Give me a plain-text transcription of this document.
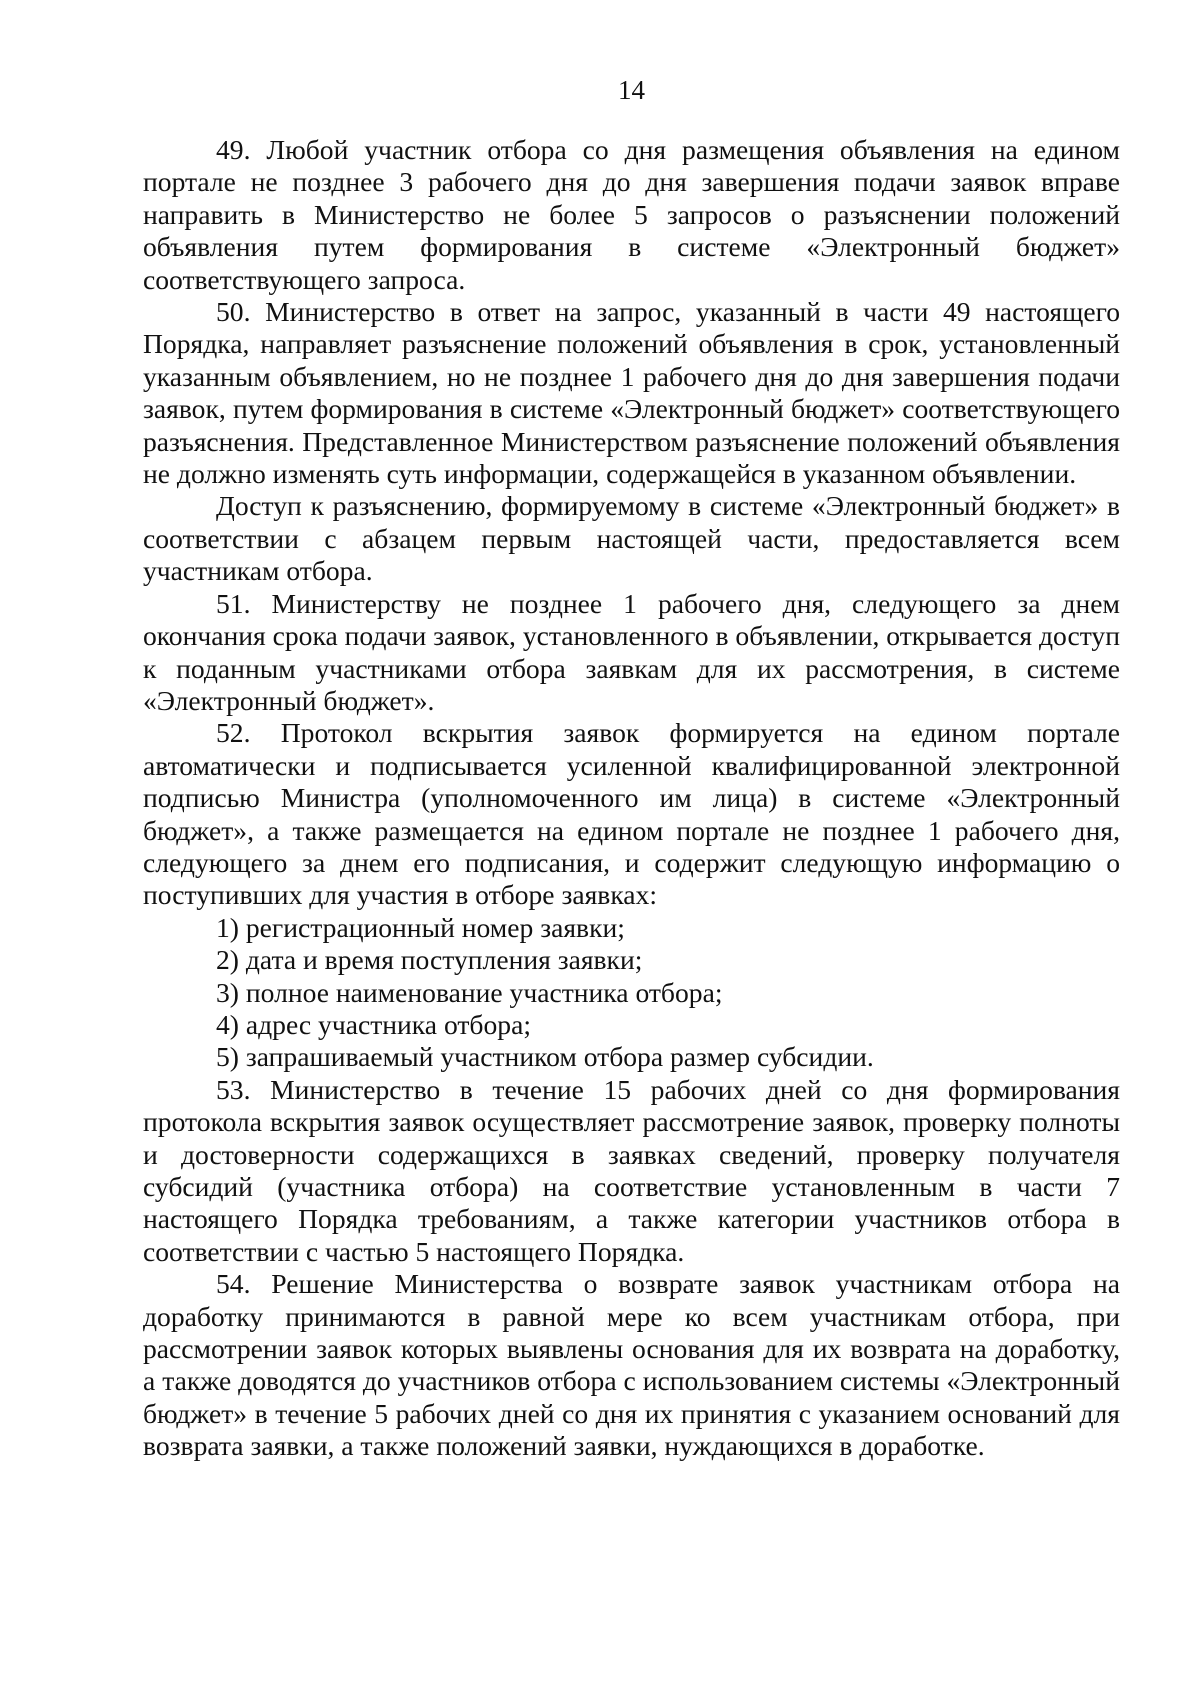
14

49. Любой участник отбора со дня размещения объявления на едином портале не позднее 3 рабочего дня до дня завершения подачи заявок вправе направить в Министерство не более 5 запросов о разъяснении положений объявления путем формирования в системе «Электронный бюджет» соответствующего запроса.

50. Министерство в ответ на запрос, указанный в части 49 настоящего Порядка, направляет разъяснение положений объявления в срок, установленный указанным объявлением, но не позднее 1 рабочего дня до дня завершения подачи заявок, путем формирования в системе «Электронный бюджет» соответствующего разъяснения. Представленное Министерством разъяснение положений объявления не должно изменять суть информации, содержащейся в указанном объявлении.

Доступ к разъяснению, формируемому в системе «Электронный бюджет» в соответствии с абзацем первым настоящей части, предоставляется всем участникам отбора.

51. Министерству не позднее 1 рабочего дня, следующего за днем окончания срока подачи заявок, установленного в объявлении, открывается доступ к поданным участниками отбора заявкам для их рассмотрения, в системе «Электронный бюджет».

52. Протокол вскрытия заявок формируется на едином портале автоматически и подписывается усиленной квалифицированной электронной подписью Министра (уполномоченного им лица) в системе «Электронный бюджет», а также размещается на едином портале не позднее 1 рабочего дня, следующего за днем его подписания, и содержит следующую информацию о поступивших для участия в отборе заявках:

1) регистрационный номер заявки;

2) дата и время поступления заявки;

3) полное наименование участника отбора;

4) адрес участника отбора;

5) запрашиваемый участником отбора размер субсидии.

53. Министерство в течение 15 рабочих дней со дня формирования протокола вскрытия заявок осуществляет рассмотрение заявок, проверку полноты и достоверности содержащихся в заявках сведений, проверку получателя субсидий (участника отбора) на соответствие установленным в части 7 настоящего Порядка требованиям, а также категории участников отбора в соответствии с частью 5 настоящего Порядка.

54. Решение Министерства о возврате заявок участникам отбора на доработку принимаются в равной мере ко всем участникам отбора, при рассмотрении заявок которых выявлены основания для их возврата на доработку, а также доводятся до участников отбора с использованием системы «Электронный бюджет» в течение 5 рабочих дней со дня их принятия с указанием оснований для возврата заявки, а также положений заявки, нуждающихся в доработке.
